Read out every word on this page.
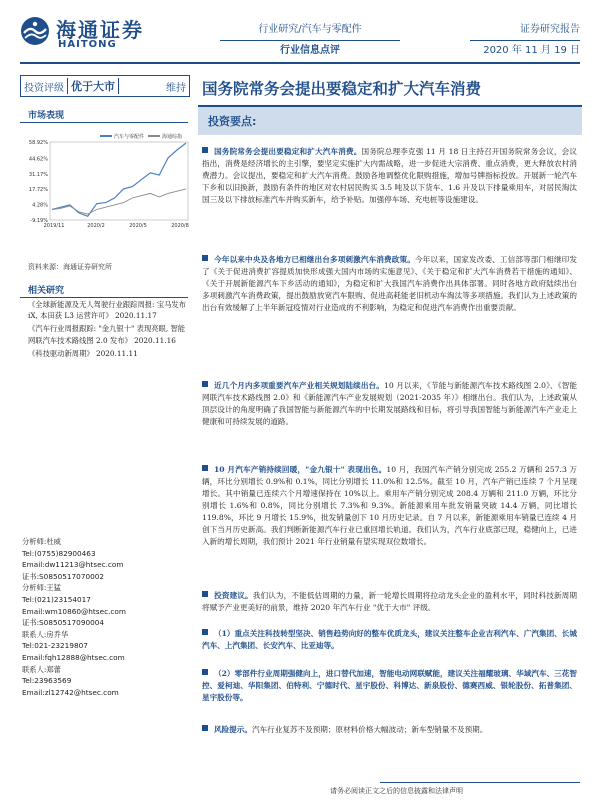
海通证券
HAITONG
行业研究/汽车与零配件
行业信息点评
证券研究报告
2020 年 11 月 19 日
投资评级 优于大市	维持
市场表现
58.92%
44.62%
31.17%
17.72%
4.28%
-9.19%
2019/11	2020/2	2020/5	2020/8
汽车与零配件	海通综指
资料来源：海通证券研究所
相关研究
《全球新能源及无人驾驶行业跟踪周报: 宝马发布 iX, 本田获 L3 运营许可》 2020.11.17
《汽车行业周报跟踪: "金九银十" 表现亮眼, 智能网联汽车技术路线图 2.0 发布》 2020.11.16
《科技驱动新周期》 2020.11.11
分析师:杜威
Tel:(0755)82900463
Email:dw11213@htsec.com
证书:S0850517070002
分析师:王猛
Tel:(021)23154017
Email:wm10860@htsec.com
证书:S0850517090004
联系人:房乔华
Tel:021-23219807
Email:fqh12888@htsec.com
联系人:郑蕾
Tel:23963569
Email:zl12742@htsec.com
国务院常务会提出要稳定和扩大汽车消费
投资要点:
国务院常务会提出要稳定和扩大汽车消费。国务院总理李克强 11 月 18 日主持召开国务院常务会议，会议指出，消费是经济增长的主引擎，要坚定实施扩大内需战略，进一步促进大宗消费、重点消费，更大释放农村消费潜力。会议提出，要稳定和扩大汽车消费。鼓励各地调整优化限购措施，增加号牌指标投放。开展新一轮汽车下乡和以旧换新，鼓励有条件的地区对农村居民购买 3.5 吨及以下货车、1.6 升及以下排量乘用车，对居民淘汰国三及以下排放标准汽车并购买新车，给予补贴。加强停车场、充电桩等设施建设。
今年以来中央及各地方已相继出台多项刺激汽车消费政策。今年以来，国家发改委、工信部等部门相继印发了《关于促进消费扩容提质加快形成强大国内市场的实施意见》、《关于稳定和扩大汽车消费若干措施的通知》、《关于开展新能源汽车下乡活动的通知》，为稳定和扩大我国汽车消费作出具体部署。同时各地方政府陆续出台多项刺激汽车消费政策，提出鼓励放宽汽车限购、促进高耗能老旧机动车淘汰等多项措施。我们认为上述政策的出台有效缓解了上半年新冠疫情对行业造成的不利影响，为稳定和促进汽车消费作出重要贡献。
近几个月内多项重要汽车产业相关规划陆续出台。10 月以来，《节能与新能源汽车技术路线图 2.0》、《智能网联汽车技术路线图 2.0》和《新能源汽车产业发展规划（2021-2035 年）》相继出台。我们认为，上述政策从顶层设计的角度明确了我国智能与新能源汽车的中长期发展路线和目标，将引导我国智能与新能源汽车产业走上健康和可持续发展的道路。
10 月汽车产销持续回暖，"金九银十" 表现出色。10 月，我国汽车产销分别完成 255.2 万辆和 257.3 万辆，环比分别增长 0.9%和 0.1%，同比分别增长 11.0%和 12.5%。截至 10 月，汽车产销已连续 7 个月呈现增长。其中销量已连续六个月增速保持在 10%以上。乘用车产销分别完成 208.4 万辆和 211.0 万辆，环比分别增长 1.6%和 0.8%，同比分别增长 7.3%和 9.3%。新能源乘用车批发销量突破 14.4 万辆，同比增长 119.8%，环比 9 月增长 15.9%，批发销量创下 10 月历史记录。自 7 月以来，新能源乘用车销量已连续 4 月创下当月历史新高。我们判断新能源汽车行业已重回增长轨道。我们认为，汽车行业底部已现，稳健向上，已进入新的增长周期，我们预计 2021 年行业销量有望实现双位数增长。
投资建议。我们认为，不能低估周期的力量，新一轮增长周期将拉动龙头企业的盈利水平，同时科技新周期将赋予产业更美好的前景，维持 2020 年汽车行业 "优于大市" 评级。
（1）重点关注科技转型坚决、销售趋势向好的整车优质龙头，建议关注整车企业吉利汽车、广汽集团、长城汽车、上汽集团、长安汽车、比亚迪等。
（2）零部件行业周期强健向上，进口替代加速，智能电动网联赋能，建议关注福耀玻璃、华域汽车、三花智控、爱柯迪、华阳集团、伯特利、宁德时代、星宇股份、科博达、新泉股份、德赛西威、银轮股份、拓普集团、星宇股份等。
风险提示。汽车行业复苏不及预期；原材料价格大幅波动；新车型销量不及预期。
请务必阅读正文之后的信息披露和法律声明
